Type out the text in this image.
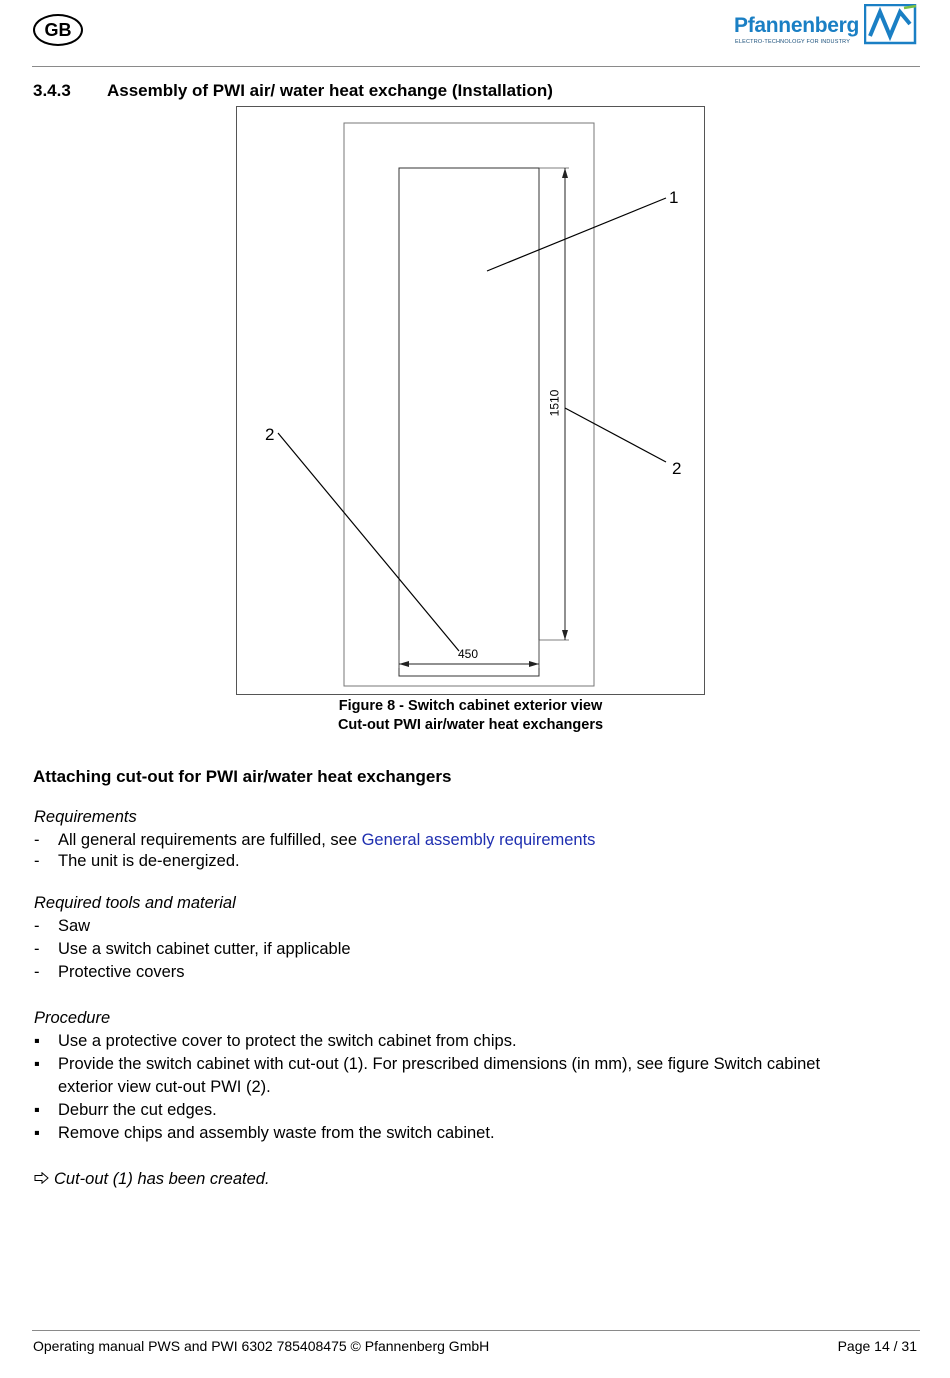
GB	Pfannenberg
ELECTRO-TECHNOLOGY FOR INDUSTRY
3.4.3 Assembly of PWI air/ water heat exchange (Installation)
1
2
2
450
1510
Figure 8 - Switch cabinet exterior view
Cut-out PWI air/water heat exchangers
Attaching cut-out for PWI air/water heat exchangers
Requirements
- All general requirements are fulfilled, see General assembly requirements
- The unit is de-energized.
Required tools and material
- Saw
- Use a switch cabinet cutter, if applicable
- Protective covers
Procedure
▪ Use a protective cover to protect the switch cabinet from chips.
▪ Provide the switch cabinet with cut-out (1). For prescribed dimensions (in mm), see figure Switch cabinet
exterior view cut-out PWI (2).
▪ Deburr the cut edges.
▪ Remove chips and assembly waste from the switch cabinet.
Cut-out (1) has been created.
Operating manual PWS and PWI 6302 785408475 © Pfannenberg GmbH	Page 14 / 31
